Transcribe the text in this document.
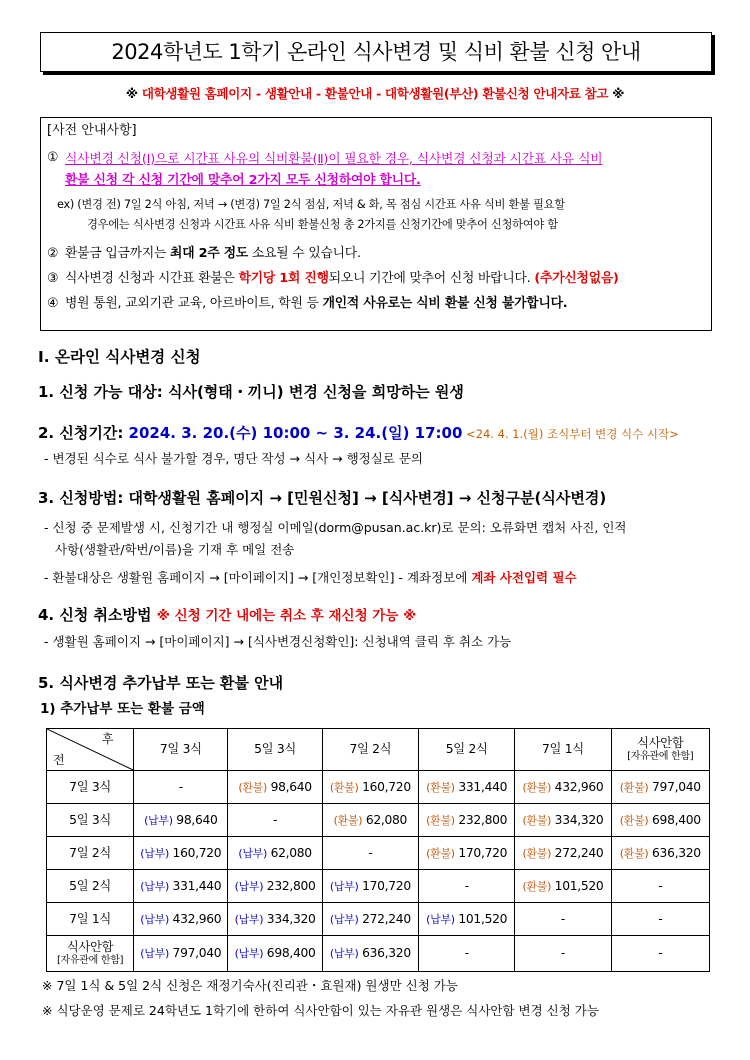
2024학년도 1학기 온라인 식사변경 및 식비 환불 신청 안내
※ 대학생활원 홈페이지 - 생활안내 - 환불안내 - 대학생활원(부산) 환불신청 안내자료 참고 ※
[사전 안내사항]
① 식사변경 신청(Ⅰ)으로 시간표 사유의 식비환불(Ⅱ)이 필요한 경우, 식사변경 신청과 시간표 사유 식비
환불 신청 각 신청 기간에 맞추어 2가지 모두 신청하여야 합니다.
ex) (변경 전) 7일 2식 아침, 저녁 → (변경) 7일 2식 점심, 저녁 & 화, 목 점심 시간표 사유 식비 환불 필요할
경우에는 식사변경 신청과 시간표 사유 식비 환불신청 총 2가지를 신청기간에 맞추어 신청하여야 함
② 환불금 입금까지는 최대 2주 정도 소요될 수 있습니다.
③ 식사변경 신청과 시간표 환불은 학기당 1회 진행되오니 기간에 맞추어 신청 바랍니다. (추가신청없음)
④ 병원 통원, 교외기관 교육, 아르바이트, 학원 등 개인적 사유로는 식비 환불 신청 불가합니다.
Ⅰ. 온라인 식사변경 신청
1. 신청 가능 대상: 식사(형태・끼니) 변경 신청을 희망하는 원생
2. 신청기간: 2024. 3. 20.(수) 10:00 ~ 3. 24.(일) 17:00 <24. 4. 1.(월) 조식부터 변경 식수 시작>
- 변경된 식수로 식사 불가할 경우, 명단 작성 → 식사 → 행정실로 문의
3. 신청방법: 대학생활원 홈페이지 → [민원신청] → [식사변경] → 신청구분(식사변경)
- 신청 중 문제발생 시, 신청기간 내 행정실 이메일(dorm@pusan.ac.kr)로 문의: 오류화면 캡처 사진, 인적
사항(생활관/학번/이름)을 기재 후 메일 전송
- 환불대상은 생활원 홈페이지 → [마이페이지] → [개인정보확인] - 계좌정보에 계좌 사전입력 필수
4. 신청 취소방법 ※ 신청 기간 내에는 취소 후 재신청 가능 ※
- 생활원 홈페이지 → [마이페이지] → [식사변경신청확인]: 신청내역 클릭 후 취소 가능
5. 식사변경 추가납부 또는 환불 안내
1) 추가납부 또는 환불 금액
후
전	7일 3식	5일 3식	7일 2식	5일 2식	7일 1식	식사안함
[자유관에 한함]

7일 3식	-	(환불) 98,640	(환불) 160,720	(환불) 331,440	(환불) 432,960	(환불) 797,040
5일 3식	(납부) 98,640	-	(환불) 62,080	(환불) 232,800	(환불) 334,320	(환불) 698,400
7일 2식	(납부) 160,720	(납부) 62,080	-	(환불) 170,720	(환불) 272,240	(환불) 636,320
5일 2식	(납부) 331,440	(납부) 232,800	(납부) 170,720	-	(환불) 101,520	-
7일 1식	(납부) 432,960	(납부) 334,320	(납부) 272,240	(납부) 101,520	-	-

식사안함
[자유관에 한함]	(납부) 797,040	(납부) 698,400	(납부) 636,320	-	-	-
※ 7일 1식 & 5일 2식 신청은 재정기숙사(진리관・효원재) 원생만 신청 가능
※ 식당운영 문제로 24학년도 1학기에 한하여 식사안함이 있는 자유관 원생은 식사안함 변경 신청 가능
